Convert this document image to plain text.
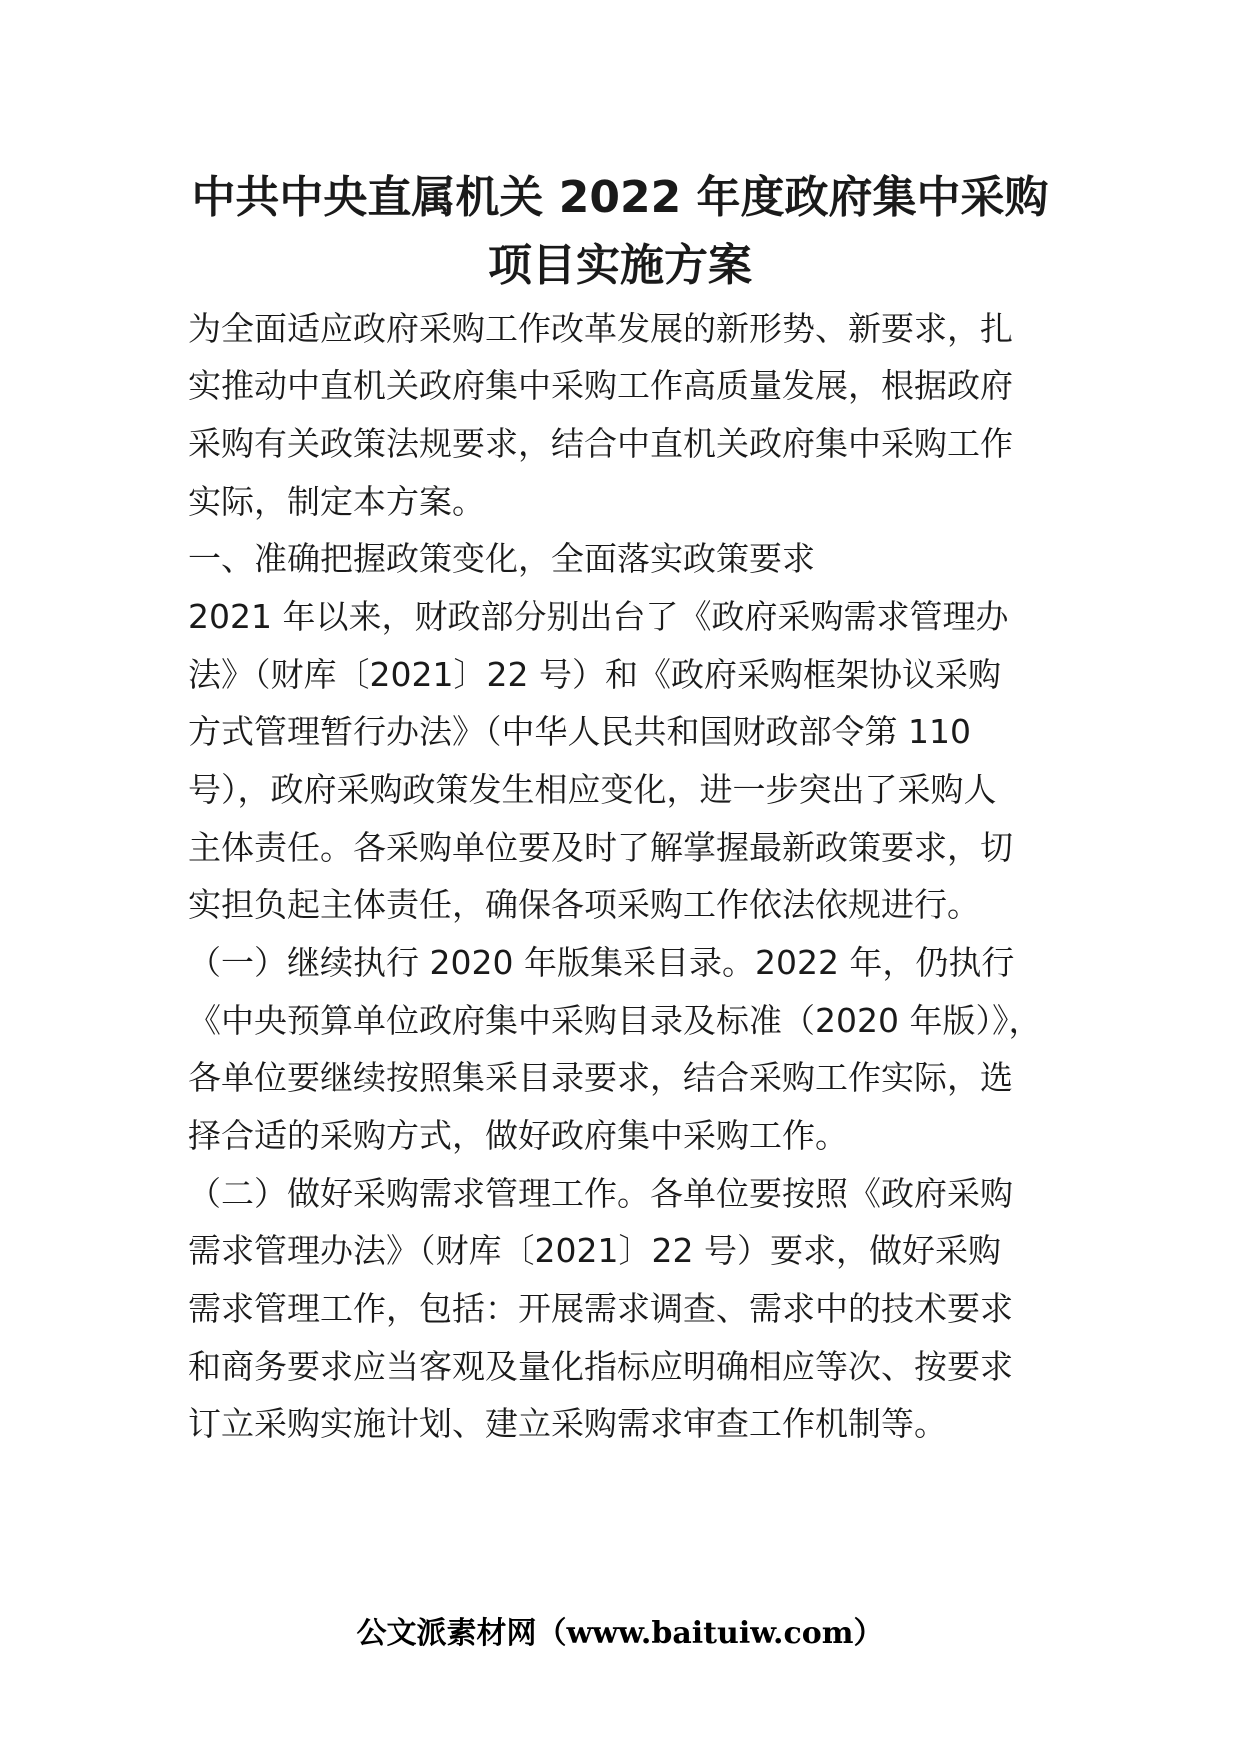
中共中央直属机关 2022 年度政府集中采购
项目实施方案
为全面适应政府采购工作改革发展的新形势、新要求，扎
实推动中直机关政府集中采购工作高质量发展，根据政府
采购有关政策法规要求，结合中直机关政府集中采购工作
实际，制定本方案。
一、准确把握政策变化，全面落实政策要求
2021 年以来，财政部分别出台了《政府采购需求管理办
法》（财库〔2021〕22 号）和《政府采购框架协议采购
方式管理暂行办法》（中华人民共和国财政部令第 110
号），政府采购政策发生相应变化，进一步突出了采购人
主体责任。各采购单位要及时了解掌握最新政策要求，切
实担负起主体责任，确保各项采购工作依法依规进行。
（一）继续执行 2020 年版集采目录。2022 年，仍执行
《中央预算单位政府集中采购目录及标准（2020 年版）》，
各单位要继续按照集采目录要求，结合采购工作实际，选
择合适的采购方式，做好政府集中采购工作。
（二）做好采购需求管理工作。各单位要按照《政府采购
需求管理办法》（财库〔2021〕22 号）要求，做好采购
需求管理工作，包括：开展需求调查、需求中的技术要求
和商务要求应当客观及量化指标应明确相应等次、按要求
订立采购实施计划、建立采购需求审查工作机制等。
公文派素材网（www.baituiw.com）
